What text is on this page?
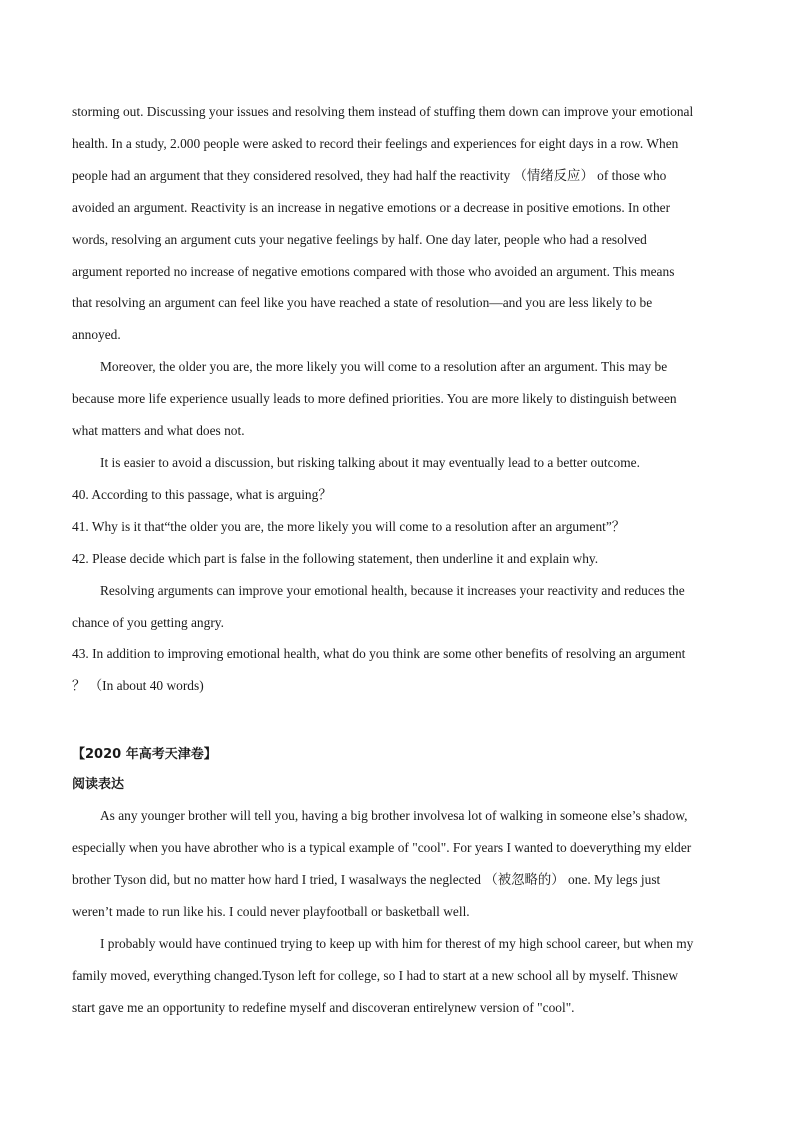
storming out. Discussing your issues and resolving them instead of stuffing them down can improve your emotional

health. In a study, 2.000 people were asked to record their feelings and experiences for eight days in a row. When

people had an argument that they considered resolved, they had half the reactivity （情绪反应） of those who

avoided an argument. Reactivity is an increase in negative emotions or a decrease in positive emotions. In other

words, resolving an argument cuts your negative feelings by half. One day later, people who had a resolved

argument reported no increase of negative emotions compared with those who avoided an argument. This means

that resolving an argument can feel like you have reached a state of resolution—and you are less likely to be

annoyed.

Moreover, the older you are, the more likely you will come to a resolution after an argument. This may be

because more life experience usually leads to more defined priorities. You are more likely to distinguish between

what matters and what does not.

It is easier to avoid a discussion, but risking talking about it may eventually lead to a better outcome.

40. According to this passage, what is arguing？

41. Why is it that“the older you are, the more likely you will come to a resolution after an argument”？

42. Please decide which part is false in the following statement, then underline it and explain why.

Resolving arguments can improve your emotional health, because it increases your reactivity and reduces the

chance of you getting angry.

43. In addition to improving emotional health, what do you think are some other benefits of resolving an argument

？ （In about 40 words)

【2020 年高考天津卷】

阅读表达

As any younger brother will tell you, having a big brother involvesa lot of walking in someone else’s shadow,

especially when you have abrother who is a typical example of "cool". For years I wanted to doeverything my elder

brother Tyson did, but no matter how hard I tried, I wasalways the neglected （被忽略的） one. My legs just

weren’t made to run like his. I could never playfootball or basketball well.

I probably would have continued trying to keep up with him for therest of my high school career, but when my

family moved, everything changed.Tyson left for college, so I had to start at a new school all by myself. Thisnew

start gave me an opportunity to redefine myself and discoveran entirelynew version of "cool".
